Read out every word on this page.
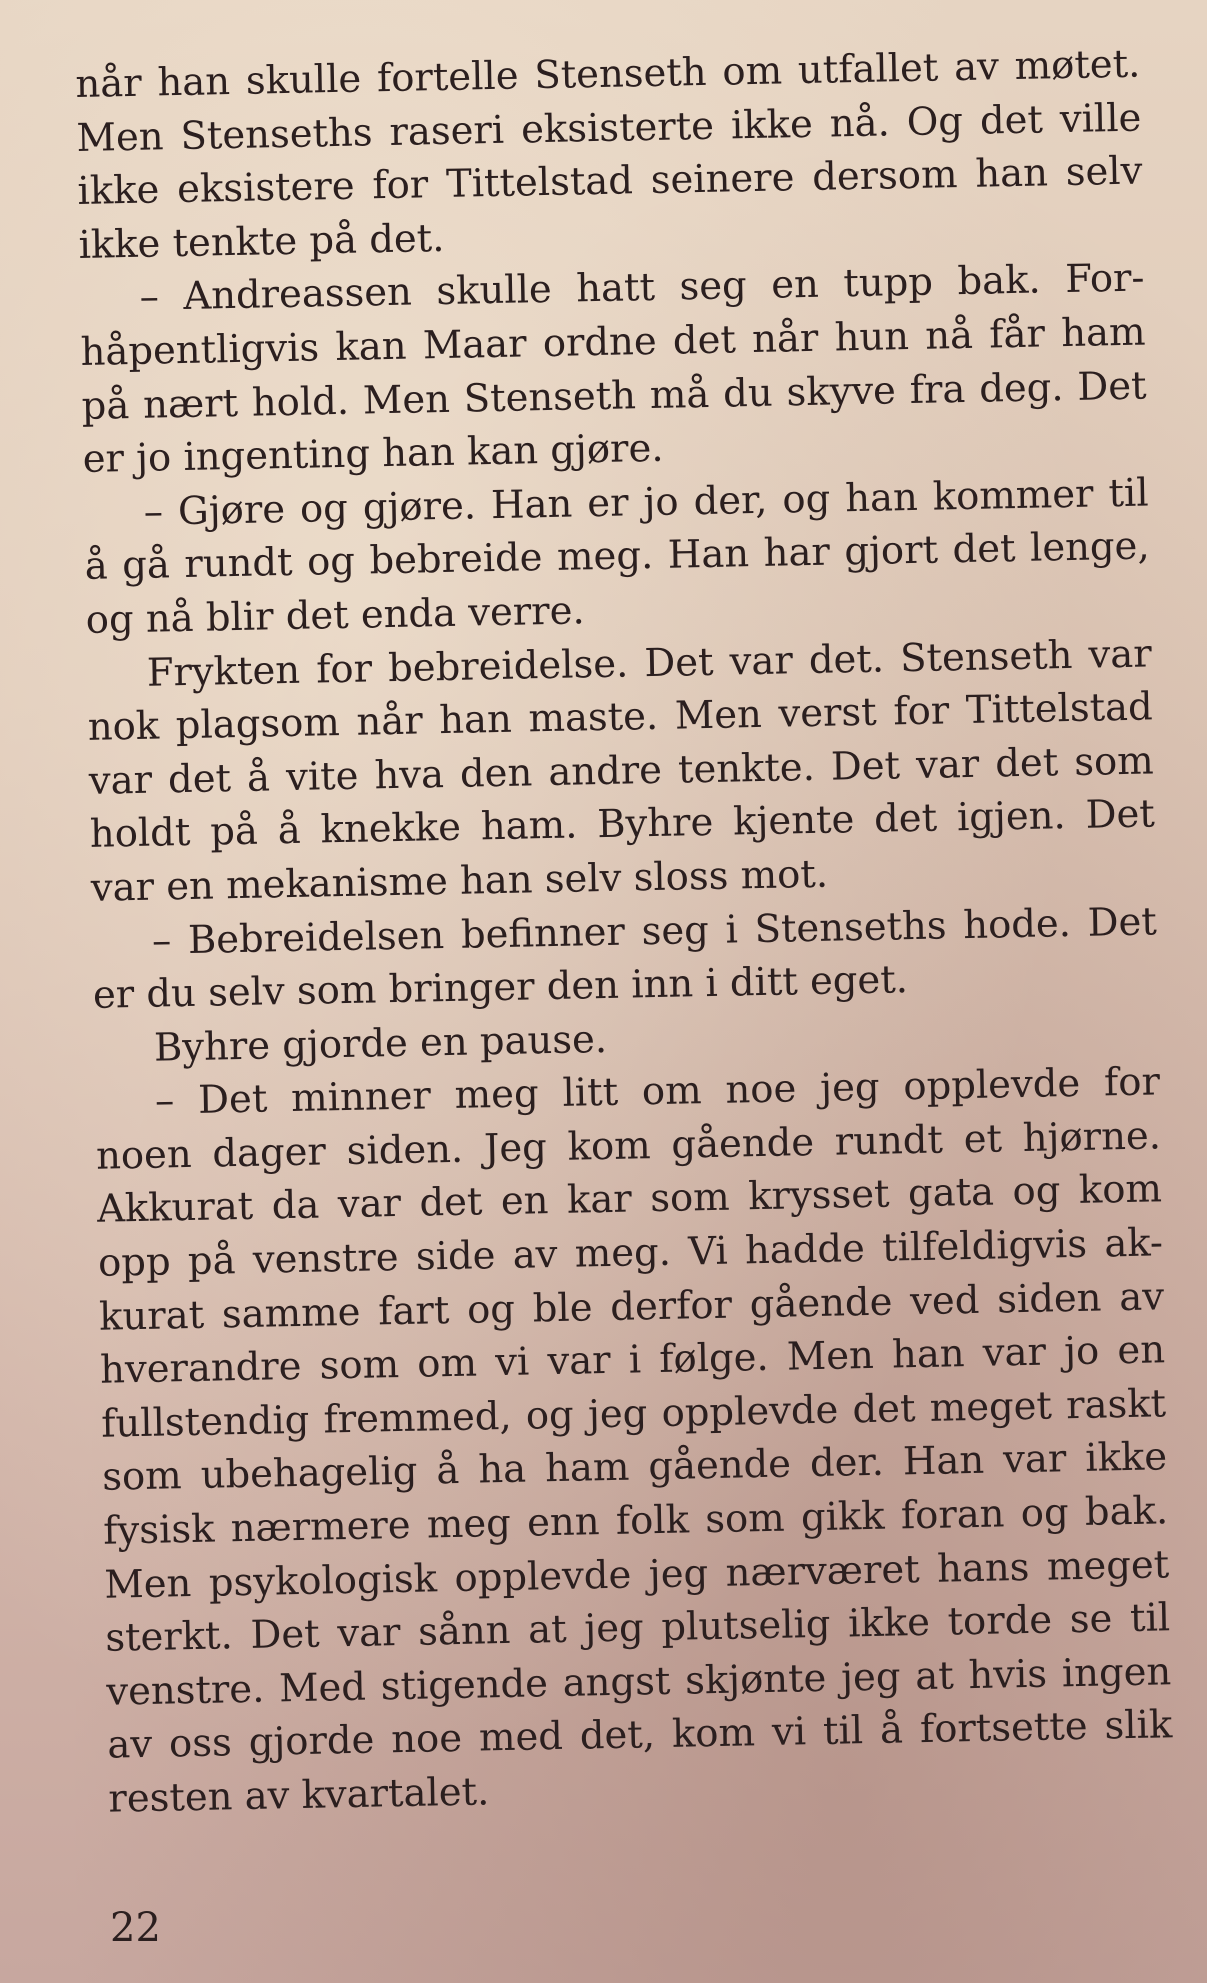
når han skulle fortelle Stenseth om utfallet av møtet.
Men Stenseths raseri eksisterte ikke nå. Og det ville
ikke eksistere for Tittelstad seinere dersom han selv
ikke tenkte på det.
– Andreassen skulle hatt seg en tupp bak. For-
håpentligvis kan Maar ordne det når hun nå får ham
på nært hold. Men Stenseth må du skyve fra deg. Det
er jo ingenting han kan gjøre.
– Gjøre og gjøre. Han er jo der, og han kommer til
å gå rundt og bebreide meg. Han har gjort det lenge,
og nå blir det enda verre.
Frykten for bebreidelse. Det var det. Stenseth var
nok plagsom når han maste. Men verst for Tittelstad
var det å vite hva den andre tenkte. Det var det som
holdt på å knekke ham. Byhre kjente det igjen. Det
var en mekanisme han selv sloss mot.
– Bebreidelsen befinner seg i Stenseths hode. Det
er du selv som bringer den inn i ditt eget.
Byhre gjorde en pause.
– Det minner meg litt om noe jeg opplevde for
noen dager siden. Jeg kom gående rundt et hjørne.
Akkurat da var det en kar som krysset gata og kom
opp på venstre side av meg. Vi hadde tilfeldigvis ak-
kurat samme fart og ble derfor gående ved siden av
hverandre som om vi var i følge. Men han var jo en
fullstendig fremmed, og jeg opplevde det meget raskt
som ubehagelig å ha ham gående der. Han var ikke
fysisk nærmere meg enn folk som gikk foran og bak.
Men psykologisk opplevde jeg nærværet hans meget
sterkt. Det var sånn at jeg plutselig ikke torde se til
venstre. Med stigende angst skjønte jeg at hvis ingen
av oss gjorde noe med det, kom vi til å fortsette slik
resten av kvartalet.
22
